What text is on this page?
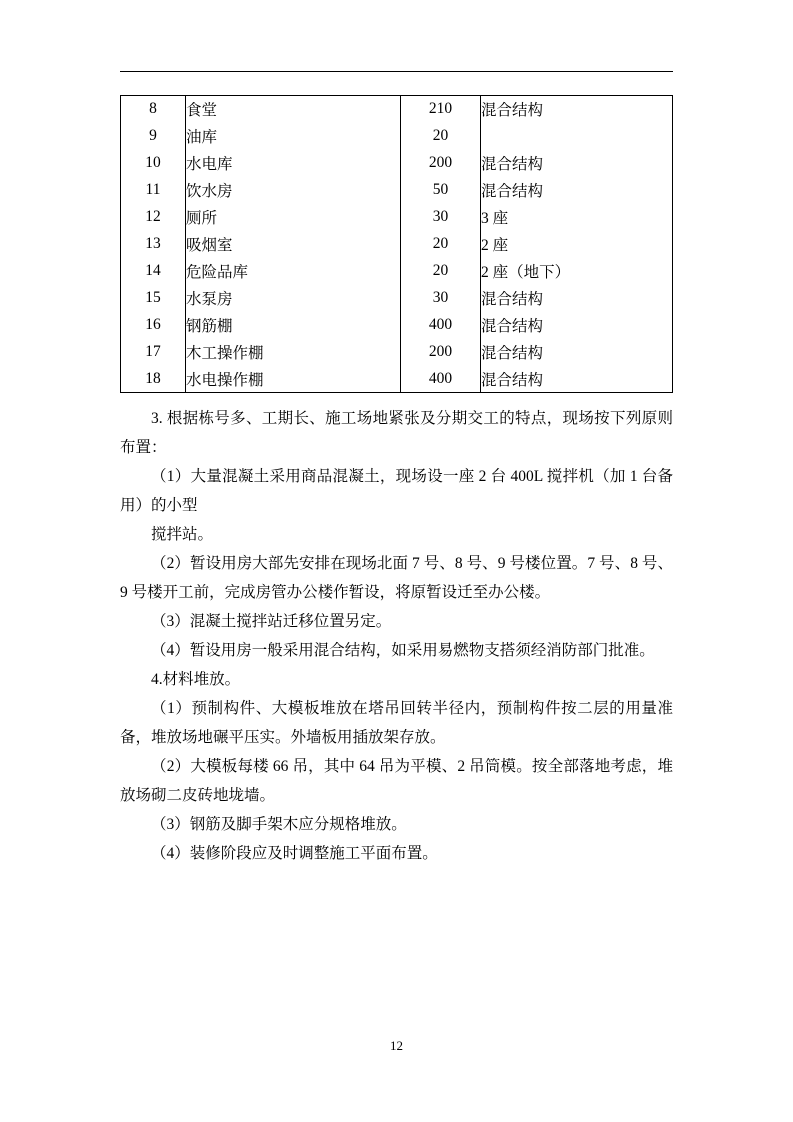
8	食堂	210	混合结构
9	油库	20	
10	水电库	200	混合结构
11	饮水房	50	混合结构
12	厕所	30	3 座
13	吸烟室	20	2 座
14	危险品库	20	2 座（地下）
15	水泵房	30	混合结构
16	钢筋棚	400	混合结构
17	木工操作棚	200	混合结构
18	水电操作棚	400	混合结构

3. 根据栋号多、工期长、施工场地紧张及分期交工的特点，现场按下列原则布置：

（1）大量混凝土采用商品混凝土，现场设一座 2 台 400L 搅拌机（加 1 台备用）的小型

搅拌站。

（2）暂设用房大部先安排在现场北面 7 号、8 号、9 号楼位置。7 号、8 号、9 号楼开工前，完成房管办公楼作暂设，将原暂设迁至办公楼。

（3）混凝土搅拌站迁移位置另定。

（4）暂设用房一般采用混合结构，如采用易燃物支搭须经消防部门批准。

4.材料堆放。

（1）预制构件、大模板堆放在塔吊回转半径内，预制构件按二层的用量准备，堆放场地碾平压实。外墙板用插放架存放。

（2）大模板每楼 66 吊，其中 64 吊为平模、2 吊筒模。按全部落地考虑，堆放场砌二皮砖地垅墙。

（3）钢筋及脚手架木应分规格堆放。

（4）装修阶段应及时调整施工平面布置。

12
